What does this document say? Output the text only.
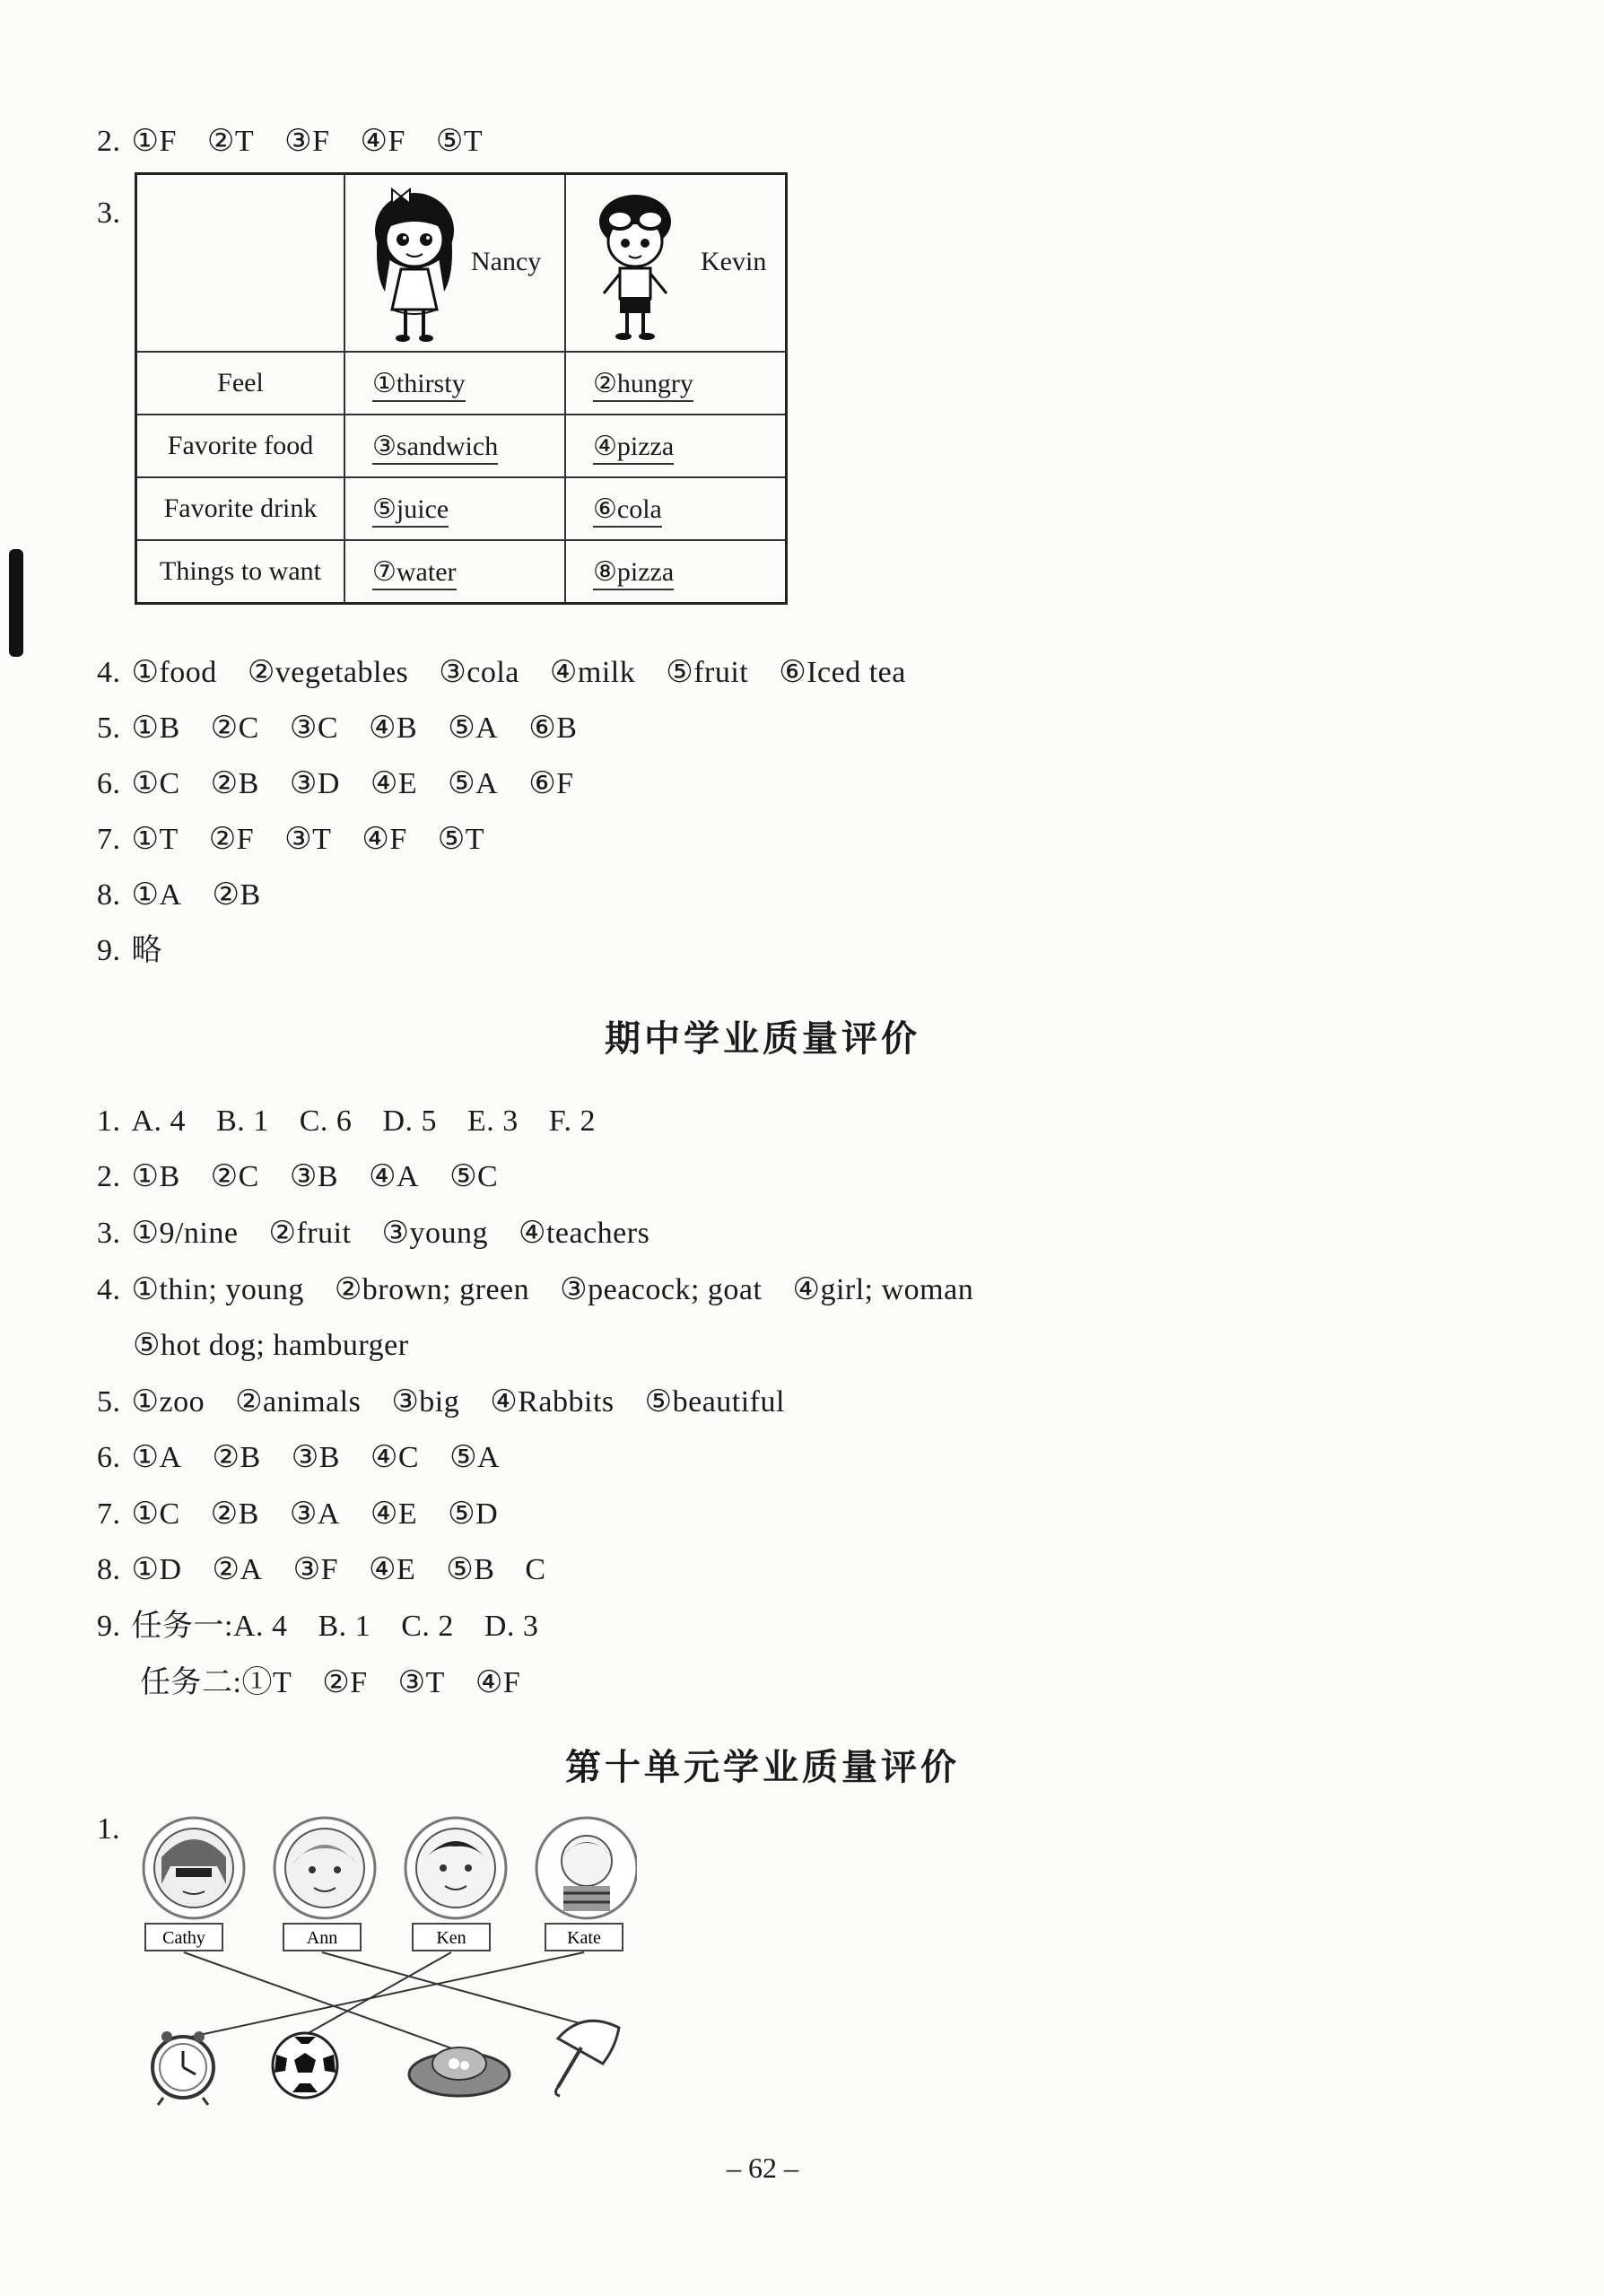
2. ①F ②T ③F ④F ⑤T
3.

	Nancy	Kevin

Feel	①thirsty	②hungry
Favorite food	③sandwich	④pizza
Favorite drink	⑤juice	⑥cola
Things to want	⑦water	⑧pizza
4. ①food ②vegetables ③cola ④milk ⑤fruit ⑥Iced tea
5. ①B ②C ③C ④B ⑤A ⑥B
6. ①C ②B ③D ④E ⑤A ⑥F
7. ①T ②F ③T ④F ⑤T
8. ①A ②B
9. 略
期中学业质量评价
1. A. 4 B. 1 C. 6 D. 5 E. 3 F. 2
2. ①B ②C ③B ④A ⑤C
3. ①9/nine ②fruit ③young ④teachers
4. ①thin; young ②brown; green ③peacock; goat ④girl; woman
⑤hot dog; hamburger
5. ①zoo ②animals ③big ④Rabbits ⑤beautiful
6. ①A ②B ③B ④C ⑤A
7. ①C ②B ③A ④E ⑤D
8. ①D ②A ③F ④E ⑤B C
9. 任务一:A. 4 B. 1 C. 2 D. 3
任务二:①T ②F ③T ④F
第十单元学业质量评价
1.
Cathy	Ann	Ken	Kate
– 62 –
